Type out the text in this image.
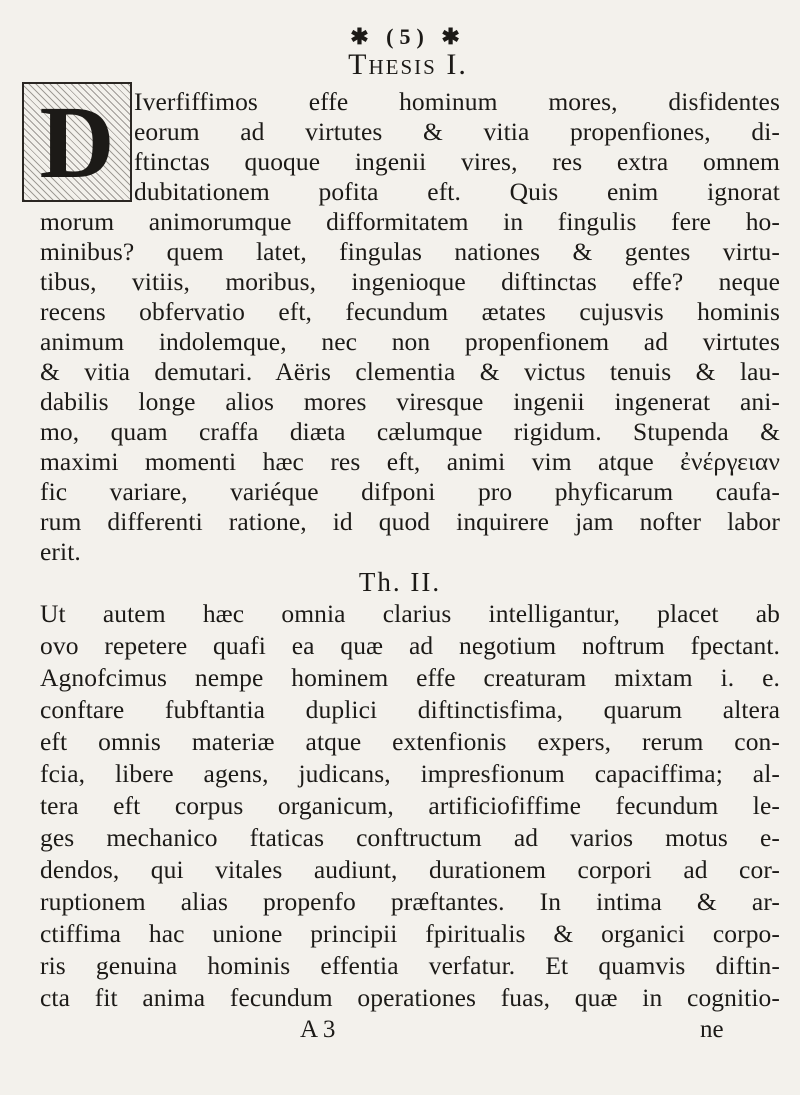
✱ (5) ✱
Thesis I.
D Iverfiffimos effe hominum mores, disfidentes
eorum ad virtutes & vitia propenfiones, di-
ftinctas quoque ingenii vires, res extra omnem
dubitationem pofita eft. Quis enim ignorat
morum animorumque difformitatem in fingulis fere ho-
minibus? quem latet, fingulas nationes & gentes virtu-
tibus, vitiis, moribus, ingenioque diftinctas effe? neque
recens obfervatio eft, fecundum ætates cujusvis hominis
animum indolemque, nec non propenfionem ad virtutes
& vitia demutari. Aëris clementia & victus tenuis & lau-
dabilis longe alios mores viresque ingenii ingenerat ani-
mo, quam craffa diæta cælumque rigidum. Stupenda &
maximi momenti hæc res eft, animi vim atque ἐνέργειαν
fic variare, variéque difponi pro phyficarum caufa-
rum differenti ratione, id quod inquirere jam nofter labor
erit.
Th. II.
Ut autem hæc omnia clarius intelligantur, placet ab
ovo repetere quafi ea quæ ad negotium noftrum fpectant.
Agnofcimus nempe hominem effe creaturam mixtam i. e.
conftare fubftantia duplici diftinctisfima, quarum altera
eft omnis materiæ atque extenfionis expers, rerum con-
fcia, libere agens, judicans, impresfionum capaciffima; al-
tera eft corpus organicum, artificiofiffime fecundum le-
ges mechanico ftaticas conftructum ad varios motus e-
dendos, qui vitales audiunt, durationem corpori ad cor-
ruptionem alias propenfo præftantes. In intima & ar-
ctiffima hac unione principii fpiritualis & organici corpo-
ris genuina hominis effentia verfatur. Et quamvis diftin-
cta fit anima fecundum operationes fuas, quæ in cognitio-
A 3	ne
